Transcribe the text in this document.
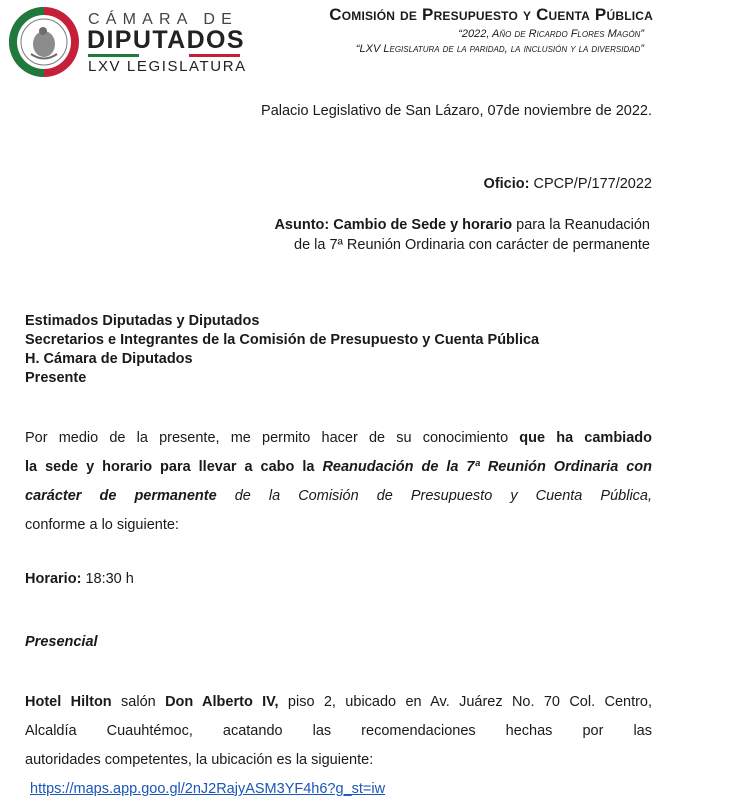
CÁMARA DE
DIPUTADOS
LXV LEGISLATURA
Comisión de Presupuesto y Cuenta Pública
“2022, Año de Ricardo Flores Magón”
“LXV Legislatura de la paridad, la inclusión y la diversidad”
Palacio Legislativo de San Lázaro, 07de noviembre de 2022.
Oficio: CPCP/P/177/2022
Asunto: Cambio de Sede y horario para la Reanudación
de la 7ª Reunión Ordinaria con carácter de permanente
Estimados Diputadas y Diputados
Secretarios e Integrantes de la Comisión de Presupuesto y Cuenta Pública
H. Cámara de Diputados
Presente
Por medio de la presente, me permito hacer de su conocimiento que ha cambiado
la sede y horario para llevar a cabo la Reanudación de la 7ª Reunión Ordinaria con
carácter de permanente de la Comisión de Presupuesto y Cuenta Pública,
conforme a lo siguiente:
Horario: 18:30 h
Presencial
Hotel Hilton salón Don Alberto IV, piso 2, ubicado en Av. Juárez No. 70 Col. Centro,
Alcaldía Cuauhtémoc, acatando las recomendaciones hechas por las
autoridades competentes, la ubicación es la siguiente:
https://maps.app.goo.gl/2nJ2RajyASM3YF4h6?g_st=iw
